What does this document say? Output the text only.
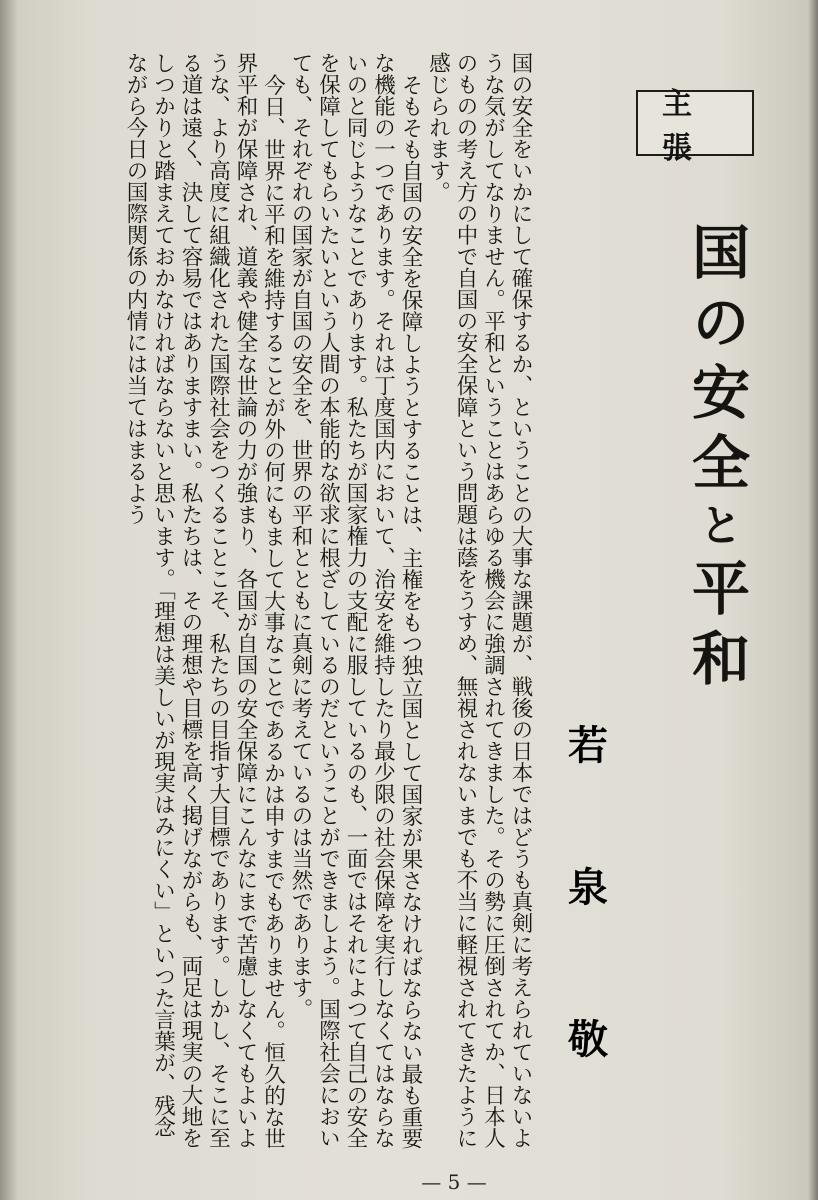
主張
国の安全と平和
若
泉
敬

国の安全をいかにして確保するか、ということの大事な課題が、戦後の日本ではどうも真剣に考えられていないような気がしてなりません。平和ということはあらゆる機会に強調されてきました。その勢に圧倒されてか、日本人のものの考え方の中で自国の安全保障という問題は蔭をうすめ、無視されないまでも不当に軽視されてきたように感じられます。

そもそも自国の安全を保障しようとすることは、主権をもつ独立国として国家が果さなければならない最も重要な機能の一つであります。それは丁度国内において、治安を維持したり最少限の社会保障を実行しなくてはならないのと同じようなことであります。私たちが国家権力の支配に服しているのも、一面ではそれによつて自己の安全を保障してもらいたいという人間の本能的な欲求に根ざしているのだということができましよう。国際社会においても、それぞれの国家が自国の安全を、世界の平和とともに真剣に考えているのは当然であります。

今日、世界に平和を維持することが外の何にもまして大事なことであるかは申すまでもありません。恒久的な世界平和が保障され、道義や健全な世論の力が強まり、各国が自国の安全保障にこんなにまで苦慮しなくてもよいような、より高度に組織化された国際社会をつくることこそ、私たちの目指す大目標であります。しかし、そこに至る道は遠く、決して容易ではありますまい。私たちは、その理想や目標を高く掲げながらも、両足は現実の大地をしつかりと踏まえておかなければならないと思います。「理想は美しいが現実はみにくい」といつた言葉が、残念ながら今日の国際関係の内情には当てはまるよう

— 5 —
